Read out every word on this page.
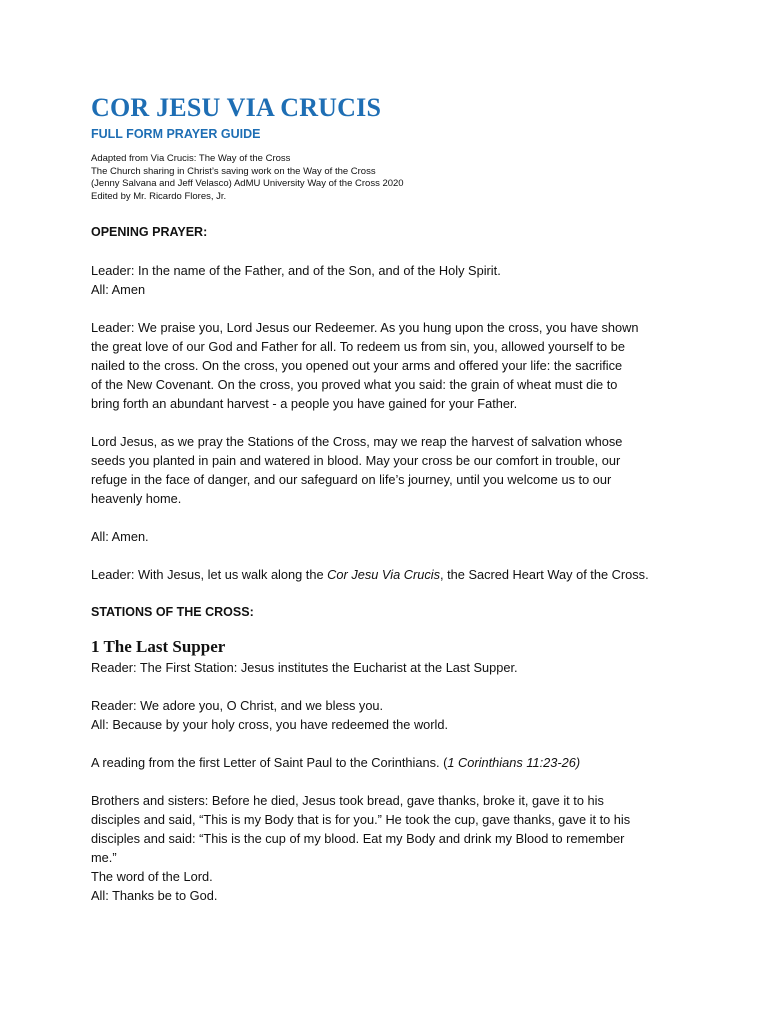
COR JESU VIA CRUCIS
FULL FORM PRAYER GUIDE
Adapted from Via Crucis: The Way of the Cross
The Church sharing in Christ’s saving work on the Way of the Cross
(Jenny Salvana and Jeff Velasco) AdMU University Way of the Cross 2020
Edited by Mr. Ricardo Flores, Jr.
OPENING PRAYER:
Leader: In the name of the Father, and of the Son, and of the Holy Spirit.
All: Amen
Leader: We praise you, Lord Jesus our Redeemer. As you hung upon the cross, you have shown
the great love of our God and Father for all. To redeem us from sin, you, allowed yourself to be
nailed to the cross. On the cross, you opened out your arms and offered your life: the sacrifice
of the New Covenant. On the cross, you proved what you said: the grain of wheat must die to
bring forth an abundant harvest - a people you have gained for your Father.
Lord Jesus, as we pray the Stations of the Cross, may we reap the harvest of salvation whose
seeds you planted in pain and watered in blood. May your cross be our comfort in trouble, our
refuge in the face of danger, and our safeguard on life’s journey, until you welcome us to our
heavenly home.
All: Amen.
Leader: With Jesus, let us walk along the Cor Jesu Via Crucis, the Sacred Heart Way of the Cross.
STATIONS OF THE CROSS:
1 The Last Supper
Reader: The First Station: Jesus institutes the Eucharist at the Last Supper.
Reader: We adore you, O Christ, and we bless you.
All: Because by your holy cross, you have redeemed the world.
A reading from the first Letter of Saint Paul to the Corinthians. (1 Corinthians 11:23-26)
Brothers and sisters: Before he died, Jesus took bread, gave thanks, broke it, gave it to his
disciples and said, “This is my Body that is for you.” He took the cup, gave thanks, gave it to his
disciples and said: “This is the cup of my blood. Eat my Body and drink my Blood to remember
me.”
The word of the Lord.
All: Thanks be to God.
